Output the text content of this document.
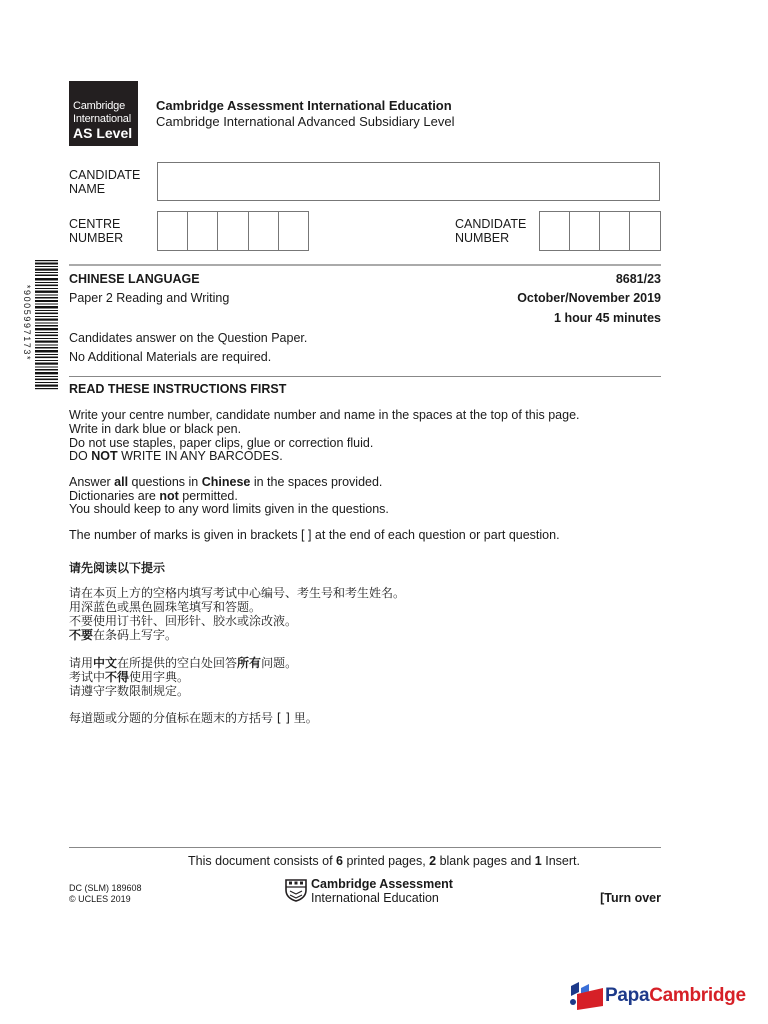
Cambridge
International
AS Level
Cambridge Assessment International Education
Cambridge International Advanced Subsidiary Level
CANDIDATE
NAME
CENTRE
NUMBER
CANDIDATE
NUMBER
*9005997173*
CHINESE LANGUAGE	8681/23
Paper 2 Reading and Writing	October/November 2019
1 hour 45 minutes
Candidates answer on the Question Paper.
No Additional Materials are required.
READ THESE INSTRUCTIONS FIRST
Write your centre number, candidate number and name in the spaces at the top of this page.
Write in dark blue or black pen.
Do not use staples, paper clips, glue or correction fluid.
DO NOT WRITE IN ANY BARCODES.
Answer all questions in Chinese in the spaces provided.
Dictionaries are not permitted.
You should keep to any word limits given in the questions.
The number of marks is given in brackets [ ] at the end of each question or part question.
请先阅读以下提示
请在本页上方的空格内填写考试中心编号、考生号和考生姓名。
用深蓝色或黑色圆珠笔填写和答题。
不要使用订书针、回形针、胶水或涂改液。
不要在条码上写字。
请用中文在所提供的空白处回答所有问题。
考试中不得使用字典。
请遵守字数限制规定。
每道题或分题的分值标在题末的方括号 [ ] 里。
This document consists of 6 printed pages, 2 blank pages and 1 Insert.
DC (SLM) 189608
© UCLES 2019
Cambridge Assessment
International Education	[Turn over
PapaCambridge
